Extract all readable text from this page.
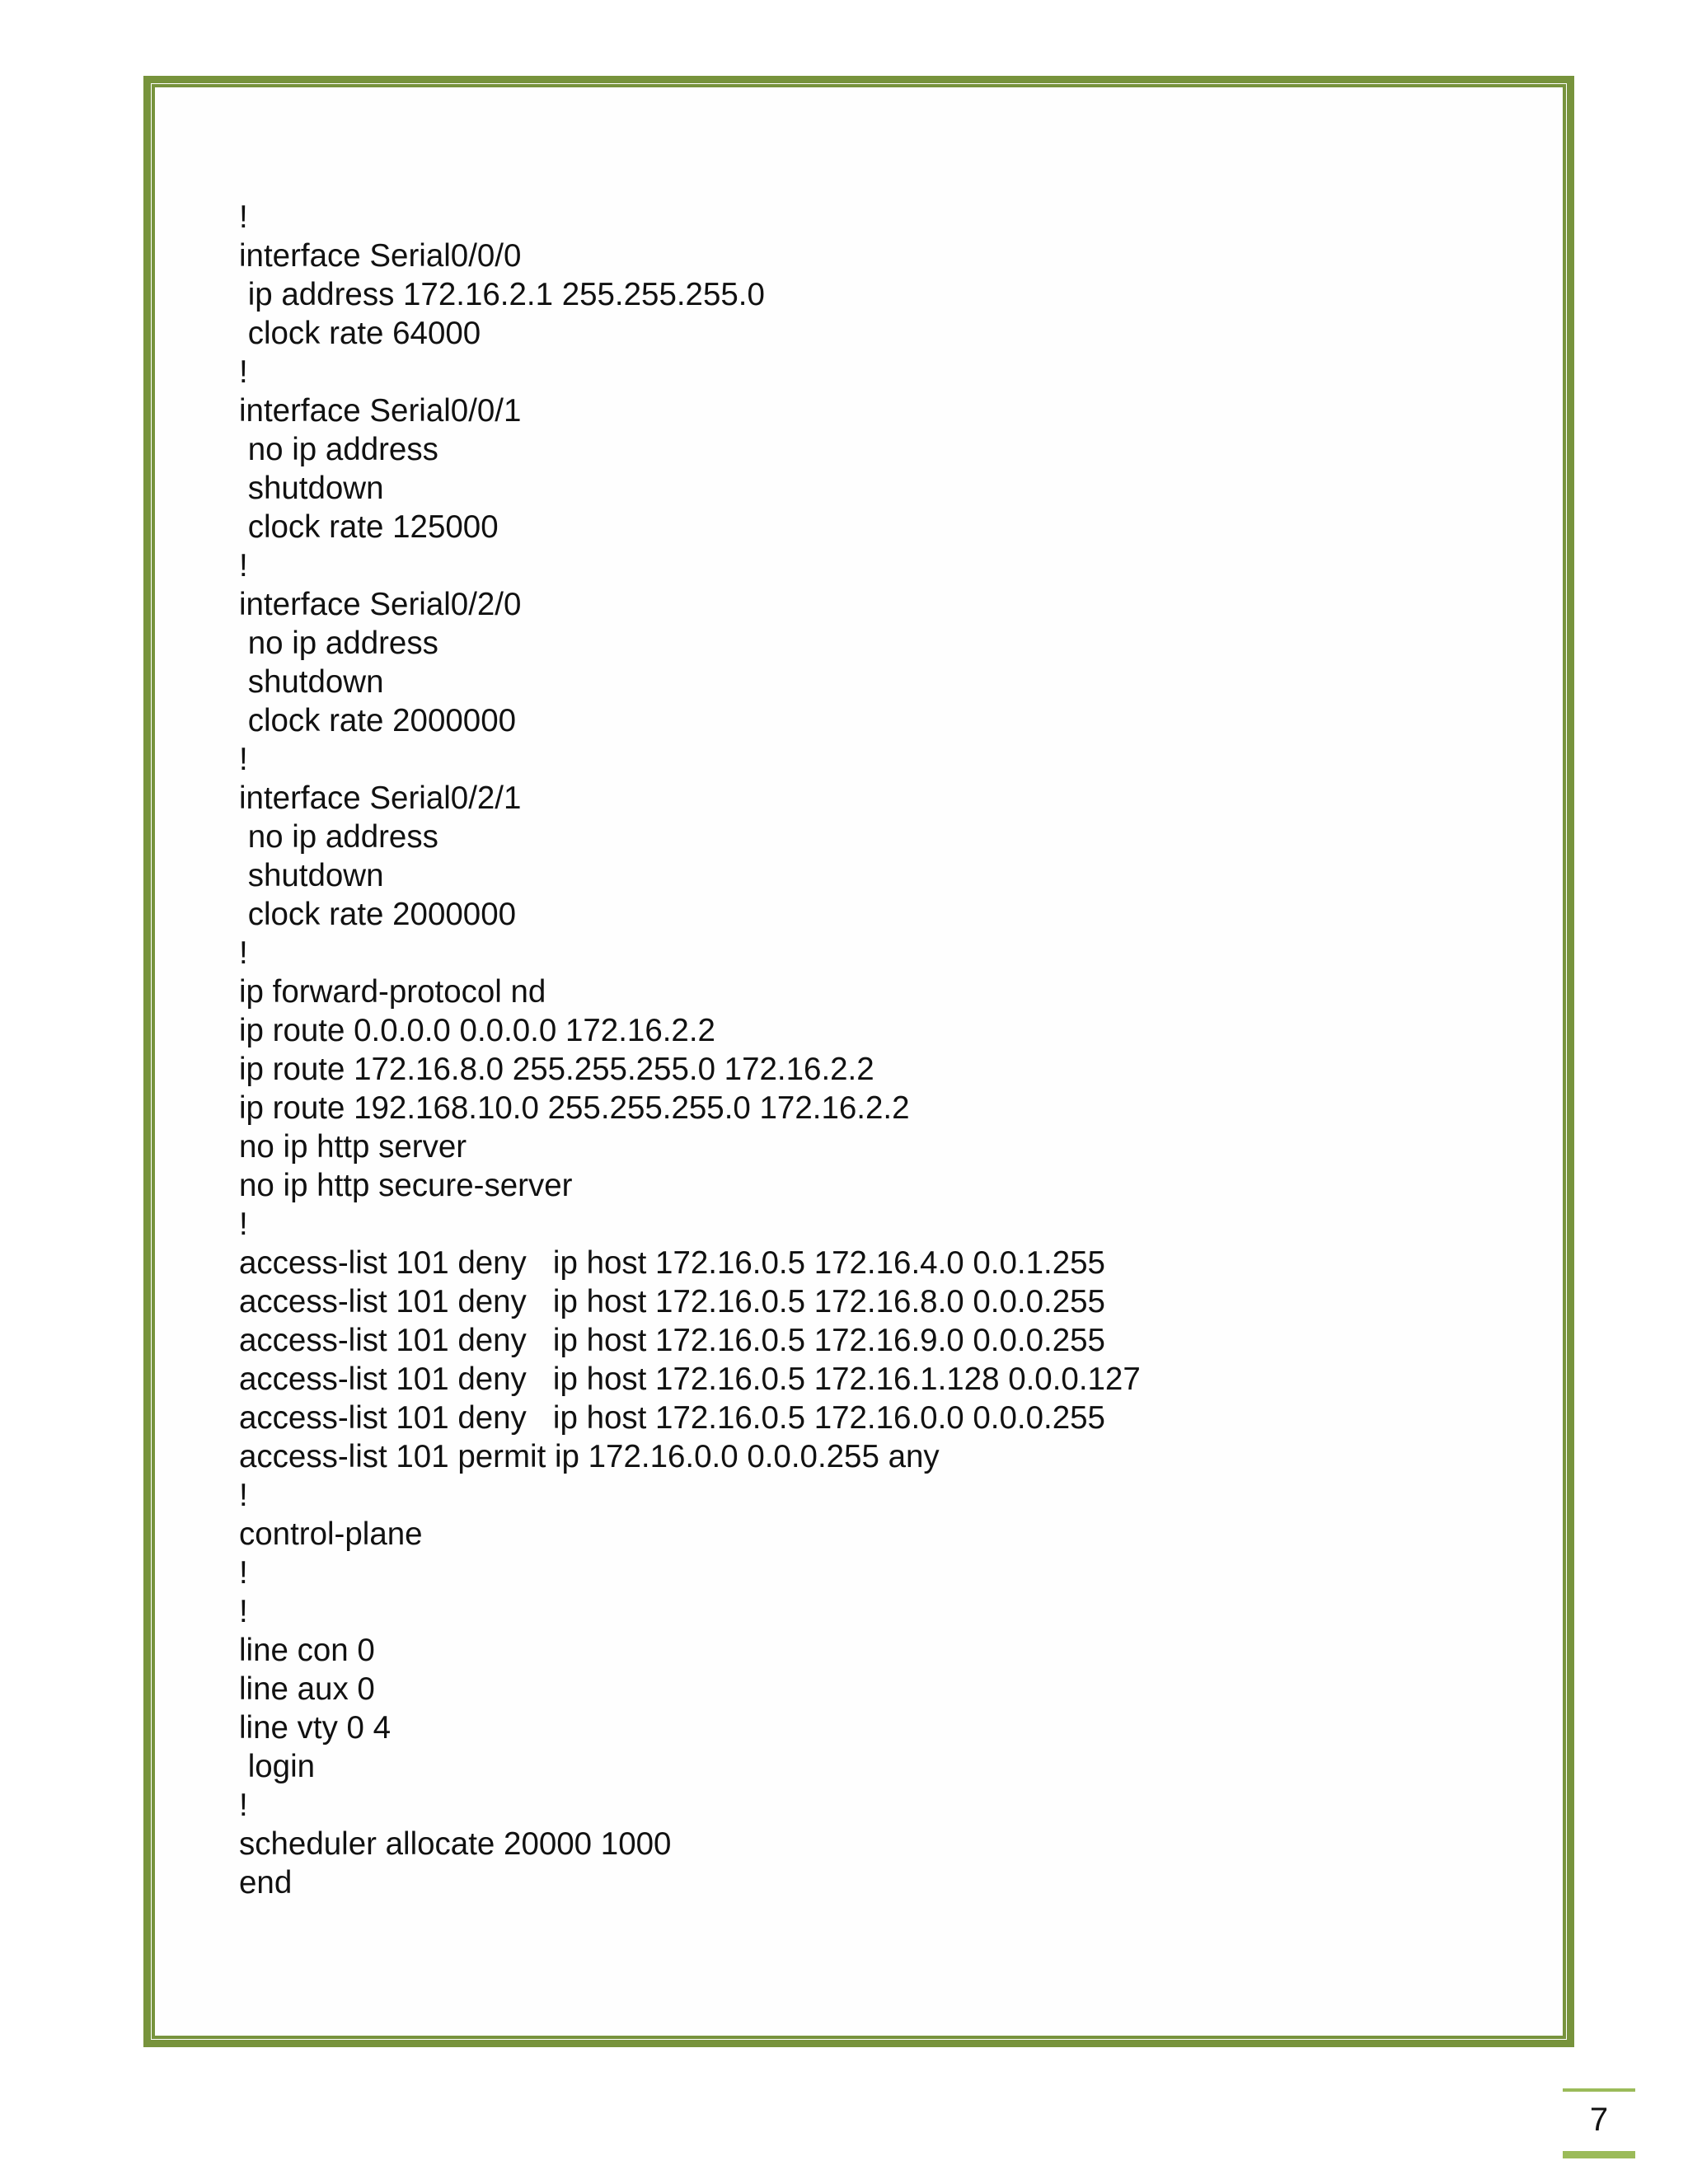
!
interface Serial0/0/0
ip address 172.16.2.1 255.255.255.0
clock rate 64000
!
interface Serial0/0/1
no ip address
shutdown
clock rate 125000
!
interface Serial0/2/0
no ip address
shutdown
clock rate 2000000
!
interface Serial0/2/1
no ip address
shutdown
clock rate 2000000
!
ip forward-protocol nd
ip route 0.0.0.0 0.0.0.0 172.16.2.2
ip route 172.16.8.0 255.255.255.0 172.16.2.2
ip route 192.168.10.0 255.255.255.0 172.16.2.2
no ip http server
no ip http secure-server
!
access-list 101 deny   ip host 172.16.0.5 172.16.4.0 0.0.1.255
access-list 101 deny   ip host 172.16.0.5 172.16.8.0 0.0.0.255
access-list 101 deny   ip host 172.16.0.5 172.16.9.0 0.0.0.255
access-list 101 deny   ip host 172.16.0.5 172.16.1.128 0.0.0.127
access-list 101 deny   ip host 172.16.0.5 172.16.0.0 0.0.0.255
access-list 101 permit ip 172.16.0.0 0.0.0.255 any
!
control-plane
!
!
line con 0
line aux 0
line vty 0 4
login
!
scheduler allocate 20000 1000
end
7
